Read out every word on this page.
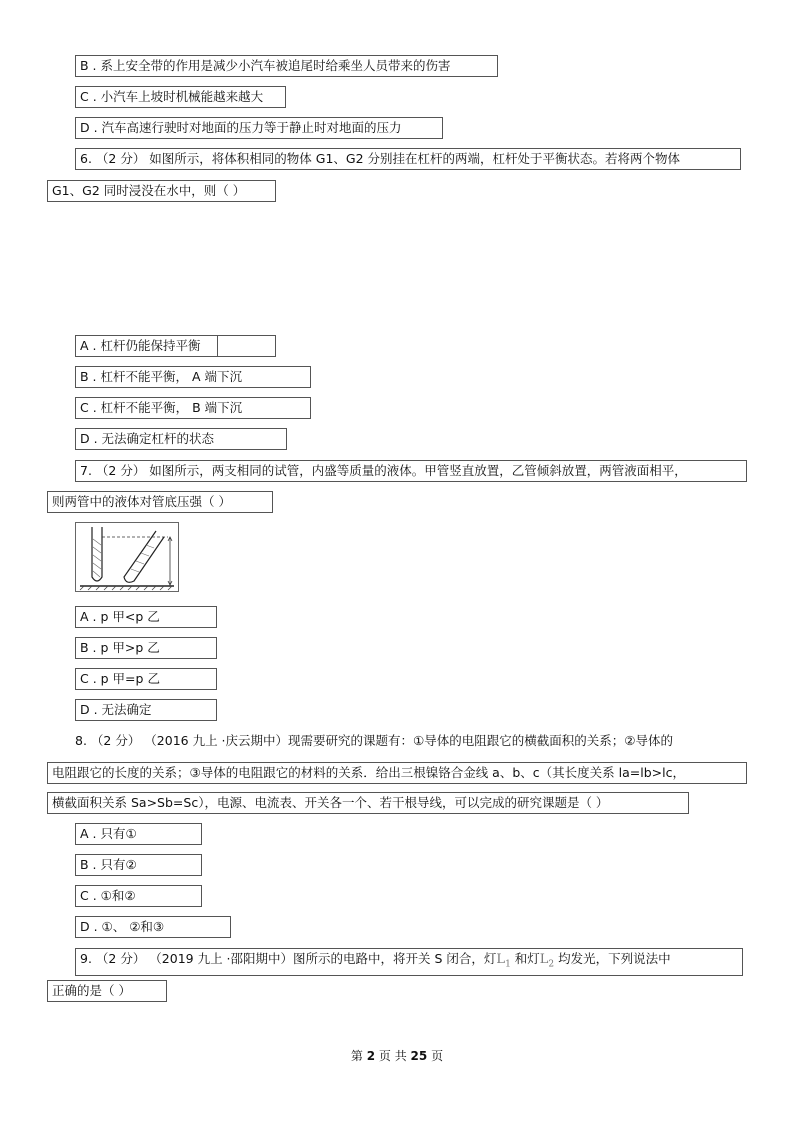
B . 系上安全带的作用是减少小汽车被追尾时给乘坐人员带来的伤害
C . 小汽车上坡时机械能越来越大
D . 汽车高速行驶时对地面的压力等于静止时对地面的压力
6. （2 分） 如图所示，将体积相同的物体 G1、G2 分别挂在杠杆的两端，杠杆处于平衡状态。若将两个物体
G1、G2 同时浸没在水中，则（ ）
A . 杠杆仍能保持平衡
B . 杠杆不能平衡， A 端下沉
C . 杠杆不能平衡， B 端下沉
D . 无法确定杠杆的状态
7. （2 分） 如图所示，两支相同的试管，内盛等质量的液体。甲管竖直放置，乙管倾斜放置，两管液面相平，
则两管中的液体对管底压强（ ）
A . p 甲<p 乙
B . p 甲>p 乙
C . p 甲=p 乙
D . 无法确定
8. （2 分） （2016 九上 ·庆云期中）现需要研究的课题有：①导体的电阻跟它的横截面积的关系；②导体的
电阻跟它的长度的关系；③导体的电阻跟它的材料的关系．给出三根镍铬合金线 a、b、c（其长度关系 la=lb>lc，
横截面积关系 Sa>Sb=Sc），电源、电流表、开关各一个、若干根导线，可以完成的研究课题是（ ）
A . 只有①
B . 只有②
C . ①和②
D . ①、 ②和③
9. （2 分） （2019 九上 ·邵阳期中）图所示的电路中，将开关 S 闭合，灯$L_1$ 和灯$L_2$ 均发光，下列说法中
正确的是（ ）
第 2 页 共 25 页
